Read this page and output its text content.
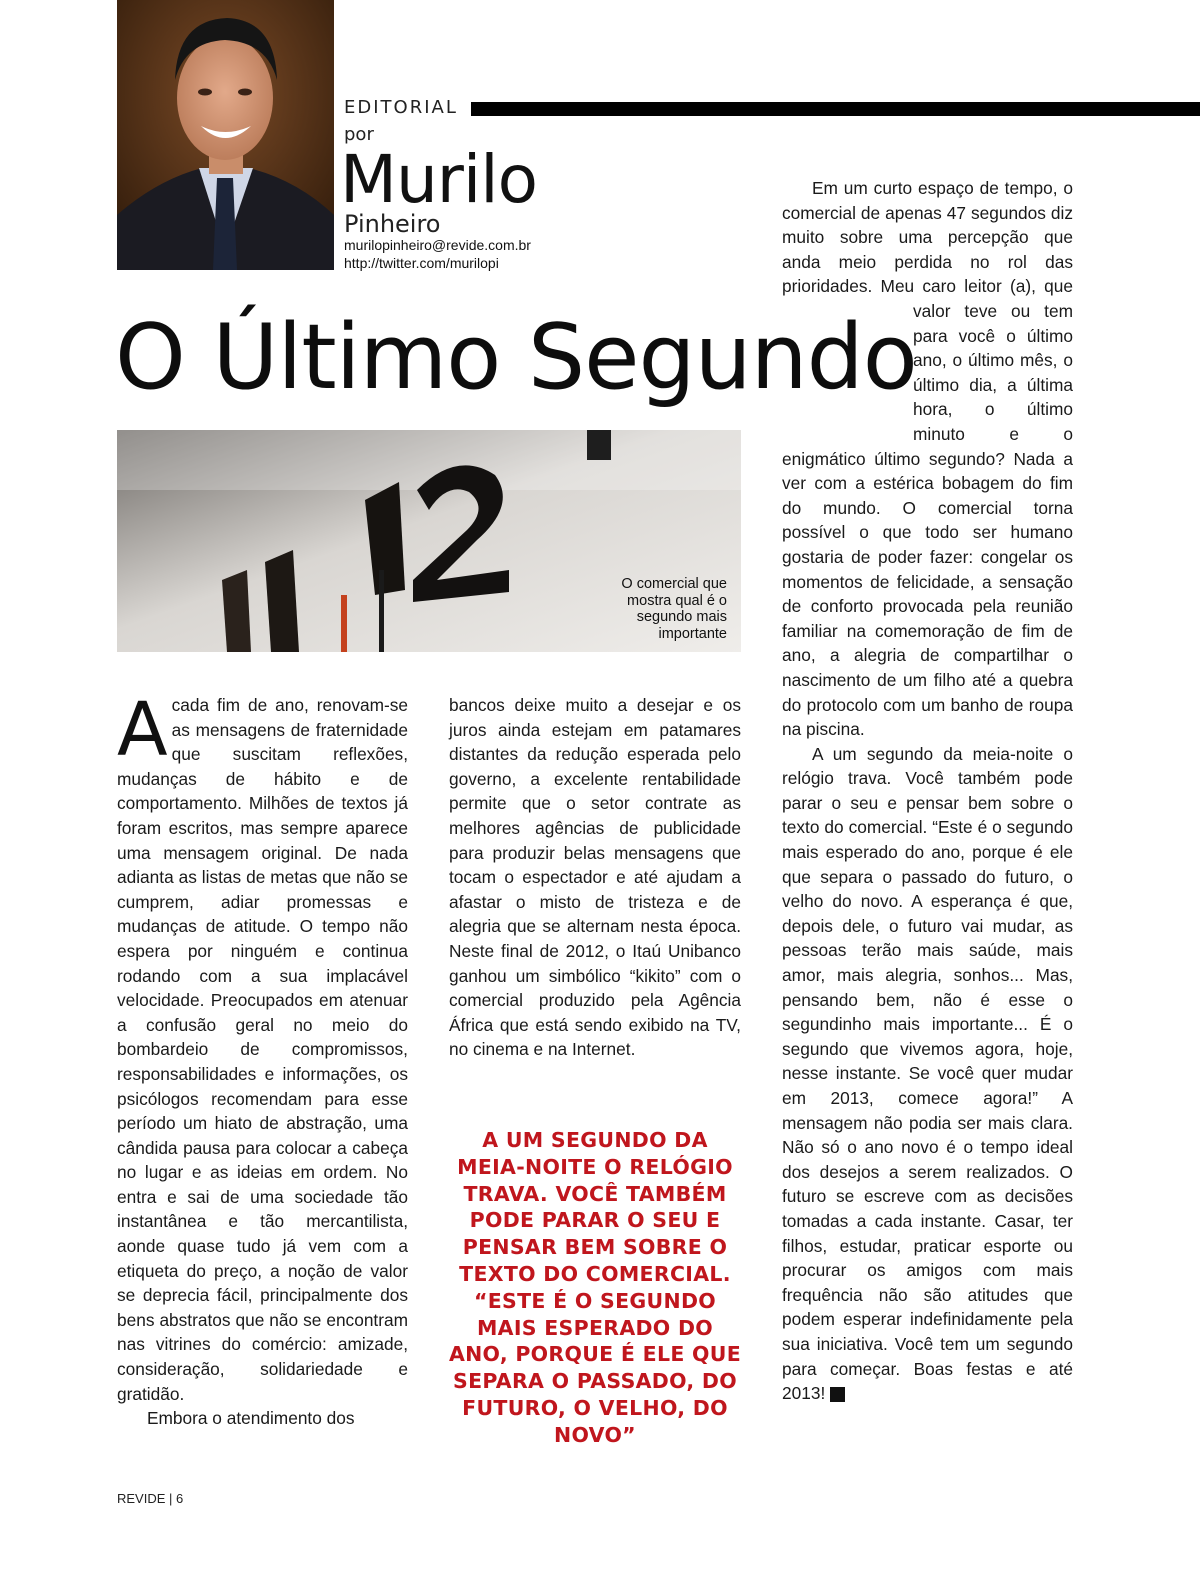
EDITORIAL
por
Murilo
Pinheiro
murilopinheiro@revide.com.br
http://twitter.com/murilopi
O Último Segundo
O comercial que mostra qual é o segundo mais importante

Acada fim de ano, renovam-se as mensagens de fraternidade que suscitam reflexões, mudanças de hábito e de comportamento. Milhões de textos já foram escritos, mas sempre aparece uma mensagem original. De nada adianta as listas de metas que não se cumprem, adiar promessas e mudanças de atitude. O tempo não espera por ninguém e continua rodando com a sua implacável velocidade. Preocupados em atenuar a confusão geral no meio do bombardeio de compromissos, responsabilidades e informações, os psicólogos recomendam para esse período um hiato de abstração, uma cândida pausa para colocar a cabeça no lugar e as ideias em ordem. No entra e sai de uma sociedade tão instantânea e tão mercantilista, aonde quase tudo já vem com a etiqueta do preço, a noção de valor se deprecia fácil, principalmente dos bens abstratos que não se encontram nas vitrines do comércio: amizade, consideração, solidariedade e gratidão.

Embora o atendimento dos

bancos deixe muito a desejar e os juros ainda estejam em patamares distantes da redução esperada pelo governo, a excelente rentabilidade permite que o setor contrate as melhores agências de publicidade para produzir belas mensagens que tocam o espectador e até ajudam a afastar o misto de tristeza e de alegria que se alternam nesta época. Neste final de 2012, o Itaú Unibanco ganhou um simbólico “kikito” com o comercial produzido pela Agência África que está sendo exibido na TV, no cinema e na Internet.

A UM SEGUNDO DA MEIA-NOITE O RELÓGIO TRAVA. VOCÊ TAMBÉM PODE PARAR O SEU E PENSAR BEM SOBRE O TEXTO DO COMERCIAL. “ESTE É O SEGUNDO MAIS ESPERADO DO ANO, PORQUE É ELE QUE SEPARA O PASSADO, DO FUTURO, O VELHO, DO NOVO”

Em um curto espaço de tempo, o comercial de apenas 47 segundos diz muito sobre uma percepção que anda meio perdida no rol das prioridades. Meu caro leitor (a), que valor teve ou tem para você o último ano, o último mês, o último dia, a última hora, o último minuto e o enigmático último segundo? Nada a ver com a estérica bobagem do fim do mundo. O comercial torna possível o que todo ser humano gostaria de poder fazer: congelar os momentos de felicidade, a sensação de conforto provocada pela reunião familiar na comemoração de fim de ano, a alegria de compartilhar o nascimento de um filho até a quebra do protocolo com um banho de roupa na piscina.

A um segundo da meia-noite o relógio trava. Você também pode parar o seu e pensar bem sobre o texto do comercial. “Este é o segundo mais esperado do ano, porque é ele que separa o passado do futuro, o velho do novo. A esperança é que, depois dele, o futuro vai mudar, as pessoas terão mais saúde, mais amor, mais alegria, sonhos... Mas, pensando bem, não é esse o segundinho mais importante... É o segundo que vivemos agora, hoje, nesse instante. Se você quer mudar em 2013, comece agora!” A mensagem não podia ser mais clara. Não só o ano novo é o tempo ideal dos desejos a serem realizados. O futuro se escreve com as decisões tomadas a cada instante. Casar, ter filhos, estudar, praticar esporte ou procurar os amigos com mais frequência não são atitudes que podem esperar indefinidamente pela sua iniciativa. Você tem um segundo para começar. Boas festas e até 2013!	r

REVIDE | 6
